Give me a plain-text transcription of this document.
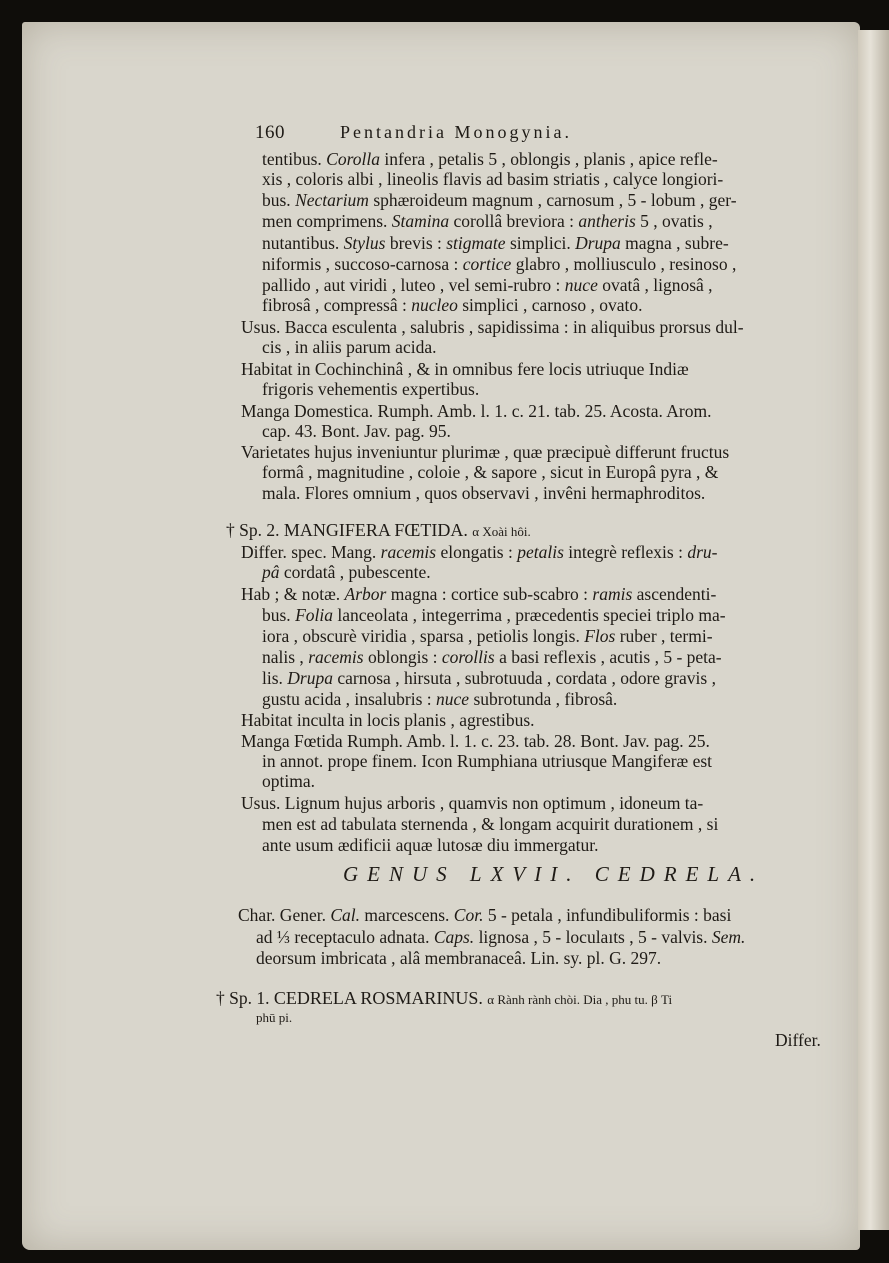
160	Pentandria Monogynia.
tentibus. Corolla infera , petalis 5 , oblongis , planis , apice refle-
xis , coloris albi , lineolis flavis ad basim striatis , calyce longiori-
bus. Nectarium sphæroideum magnum , carnosum , 5 - lobum , ger-
men comprimens. Stamina corollâ breviora : antheris 5 , ovatis ,
nutantibus. Stylus brevis : stigmate simplici. Drupa magna , subre-
niformis , succoso-carnosa : cortice glabro , molliusculo , resinoso ,
pallido , aut viridi , luteo , vel semi-rubro : nuce ovatâ , lignosâ ,
fibrosâ , compressâ : nucleo simplici , carnoso , ovato.
Usus. Bacca esculenta , salubris , sapidissima : in aliquibus prorsus dul-
cis , in aliis parum acida.
Habitat in Cochinchinâ , & in omnibus fere locis utriuque Indiæ
frigoris vehementis expertibus.
Manga Domestica. Rumph. Amb. l. 1. c. 21. tab. 25. Acosta. Arom.
cap. 43. Bont. Jav. pag. 95.
Varietates hujus inveniuntur plurimæ , quæ præcipuè differunt fructus
formâ , magnitudine , coloie , & sapore , sicut in Europâ pyra , &
mala. Flores omnium , quos observavi , invêni hermaphroditos.
† Sp. 2. MANGIFERA FŒTIDA. α Xoài hôi.
Differ. spec. Mang. racemis elongatis : petalis integrè reflexis : dru-
pâ cordatâ , pubescente.
Hab ; & notæ. Arbor magna : cortice sub-scabro : ramis ascendenti-
bus. Folia lanceolata , integerrima , præcedentis speciei triplo ma-
iora , obscurè viridia , sparsa , petiolis longis. Flos ruber , termi-
nalis , racemis oblongis : corollis a basi reflexis , acutis , 5 - peta-
lis. Drupa carnosa , hirsuta , subrotuuda , cordata , odore gravis ,
gustu acida , insalubris : nuce subrotunda , fibrosâ.
Habitat inculta in locis planis , agrestibus.
Manga Fœtida Rumph. Amb. l. 1. c. 23. tab. 28. Bont. Jav. pag. 25.
in annot. prope finem. Icon Rumphiana utriusque Mangiferæ est
optima.
Usus. Lignum hujus arboris , quamvis non optimum , idoneum ta-
men est ad tabulata sternenda , & longam acquirit durationem , si
ante usum ædificii aquæ lutosæ diu immergatur.
GENUS LXVII. CEDRELA.
Char. Gener. Cal. marcescens. Cor. 5 - petala , infundibuliformis : basi
ad ⅓ receptaculo adnata. Caps. lignosa , 5 - loculaıts , 5 - valvis. Sem.
deorsum imbricata , alâ membranaceâ. Lin. sy. pl. G. 297.
† Sp. 1. CEDRELA ROSMARINUS. α Rành rành chòi. Dia , phu tu. β Ti
phū pi.
Differ.
